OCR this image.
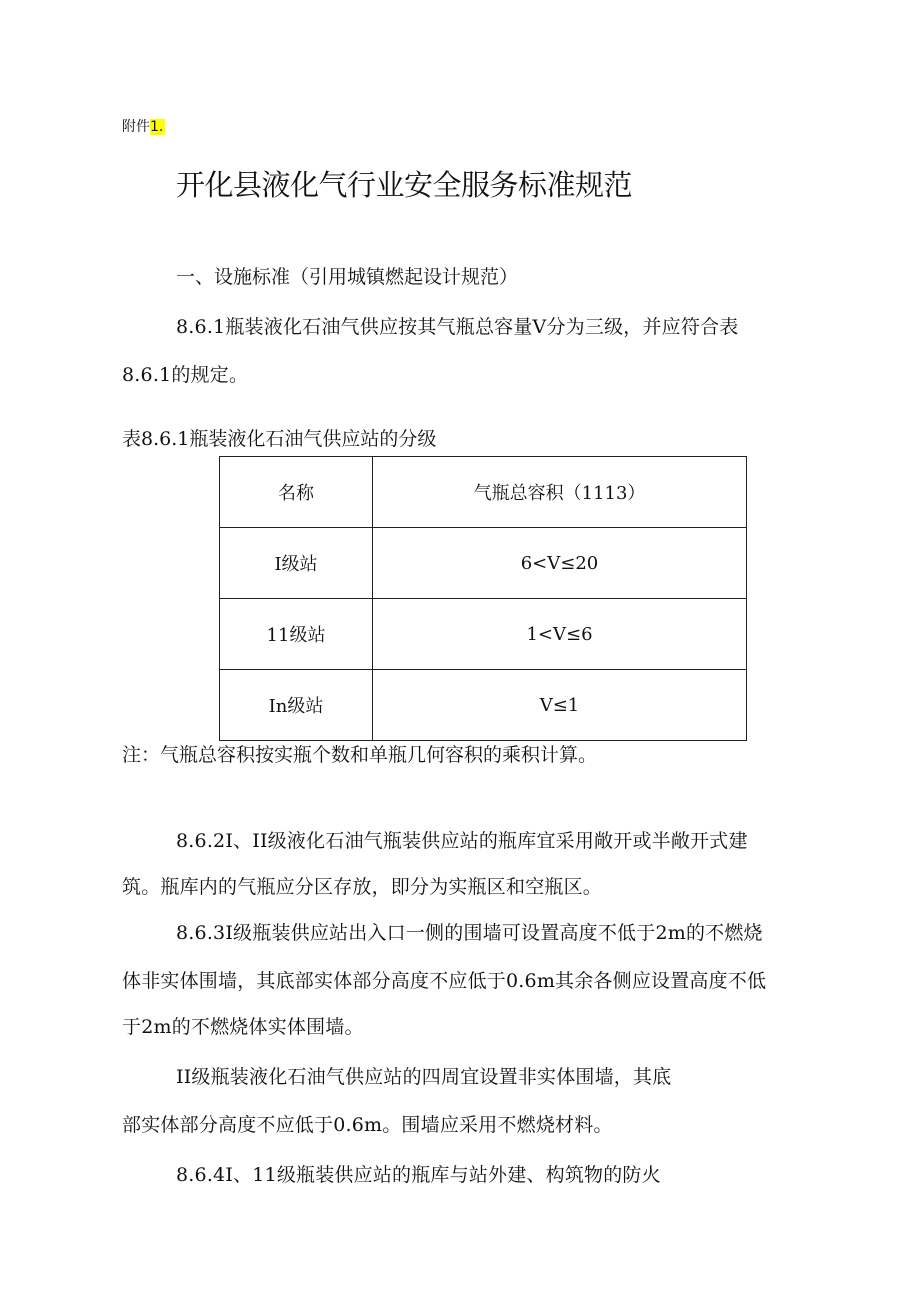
附件1.
开化县液化气行业安全服务标准规范
一、设施标准（引用城镇燃起设计规范）
8.6.1瓶装液化石油气供应按其气瓶总容量V分为三级，并应符合表
8.6.1的规定。
表8.6.1瓶装液化石油气供应站的分级
名称	气瓶总容积（1113）
I级站	6<V≤20
11级站	1<V≤6
In级站	V≤1
注：气瓶总容积按实瓶个数和单瓶几何容积的乘积计算。
8.6.2I、II级液化石油气瓶装供应站的瓶库宜采用敞开或半敞开式建
筑。瓶库内的气瓶应分区存放，即分为实瓶区和空瓶区。
8.6.3I级瓶装供应站出入口一侧的围墙可设置高度不低于2m的不燃烧
体非实体围墙，其底部实体部分高度不应低于0.6m其余各侧应设置高度不低
于2m的不燃烧体实体围墙。
II级瓶装液化石油气供应站的四周宜设置非实体围墙，其底
部实体部分高度不应低于0.6m。围墙应采用不燃烧材料。
8.6.4I、11级瓶装供应站的瓶库与站外建、构筑物的防火
